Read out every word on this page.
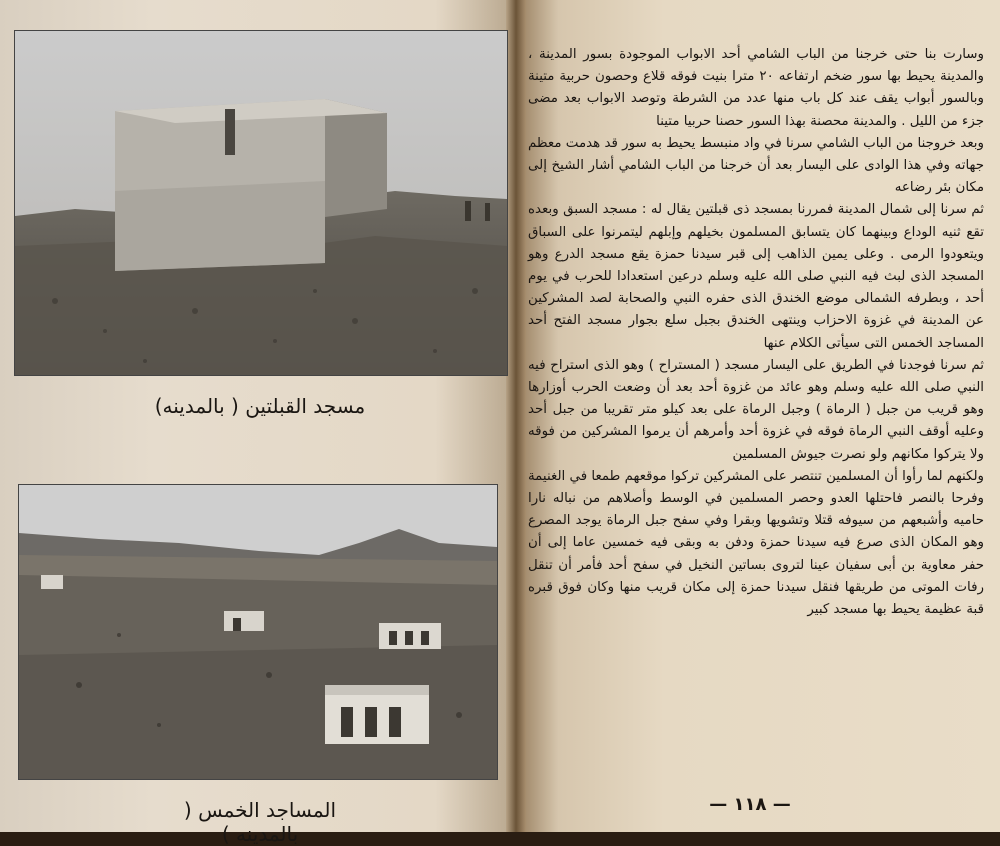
مسجد القبلتين ( بالمدينه)
المساجد الخمس ( بالمدينه )

وسارت بنا حتى خرجنا من الباب الشامي أحد الابواب الموجودة بسور المدينة ، والمدينة يحيط بها سور ضخم ارتفاعه ٢٠ مترا بنيت فوقه قلاع وحصون حربية متينة وبالسور أبواب يقف عند كل باب منها عدد من الشرطة وتوصد الابواب بعد مضى جزء من الليل . والمدينة محصنة بهذا السور حصنا حربيا متينا

وبعد خروجنا من الباب الشامي سرنا في واد منبسط يحيط به سور قد هدمت معظم جهاته وفي هذا الوادى على اليسار بعد أن خرجنا من الباب الشامي أشار الشيخ إلى مكان بئر رضاعه

ثم سرنا إلى شمال المدينة فمررنا بمسجد ذى قبلتين يقال له : مسجد السبق وبعده تقع ثنيه الوداع وبينهما كان يتسابق المسلمون بخيلهم وإبلهم ليتمرنوا على السباق ويتعودوا الرمى . وعلى يمين الذاهب إلى قبر سيدنا حمزة يقع مسجد الدرع وهو المسجد الذى لبث فيه النبي صلى الله عليه وسلم درعين استعدادا للحرب في يوم أحد ، وبطرفه الشمالى موضع الخندق الذى حفره النبي والصحابة لصد المشركين عن المدينة في غزوة الاحزاب وينتهى الخندق بجبل سلع بجوار مسجد الفتح أحد المساجد الخمس التى سيأتى الكلام عنها

ثم سرنا فوجدنا في الطريق على اليسار مسجد ( المستراح ) وهو الذى استراح فيه النبي صلى الله عليه وسلم وهو عائد من غزوة أحد بعد أن وضعت الحرب أوزارها وهو قريب من جبل ( الرماة ) وجبل الرماة على بعد كيلو متر تقريبا من جبل أحد وعليه أوقف النبي الرماة فوقه في غزوة أحد وأمرهم أن يرموا المشركين من فوقه ولا يتركوا مكانهم ولو نصرت جيوش المسلمين

ولكنهم لما رأوا أن المسلمين تنتصر على المشركين تركوا موقعهم طمعا في الغنيمة وفرحا بالنصر فاحتلها العدو وحصر المسلمين في الوسط وأصلاهم من نباله نارا حاميه وأشبعهم من سيوفه قتلا وتشويها وبقرا وفي سفح جبل الرماة يوجد المصرع وهو المكان الذى صرع فيه سيدنا حمزة ودفن به وبقى فيه خمسين عاما إلى أن حفر معاوية بن أبى سفيان عينا لتروى بساتين النخيل في سفح أحد فأمر أن تنقل رفات الموتى من طريقها فنقل سيدنا حمزة إلى مكان قريب منها وكان فوق قبره قبة عظيمة يحيط بها مسجد كبير

— ١١٨ —
